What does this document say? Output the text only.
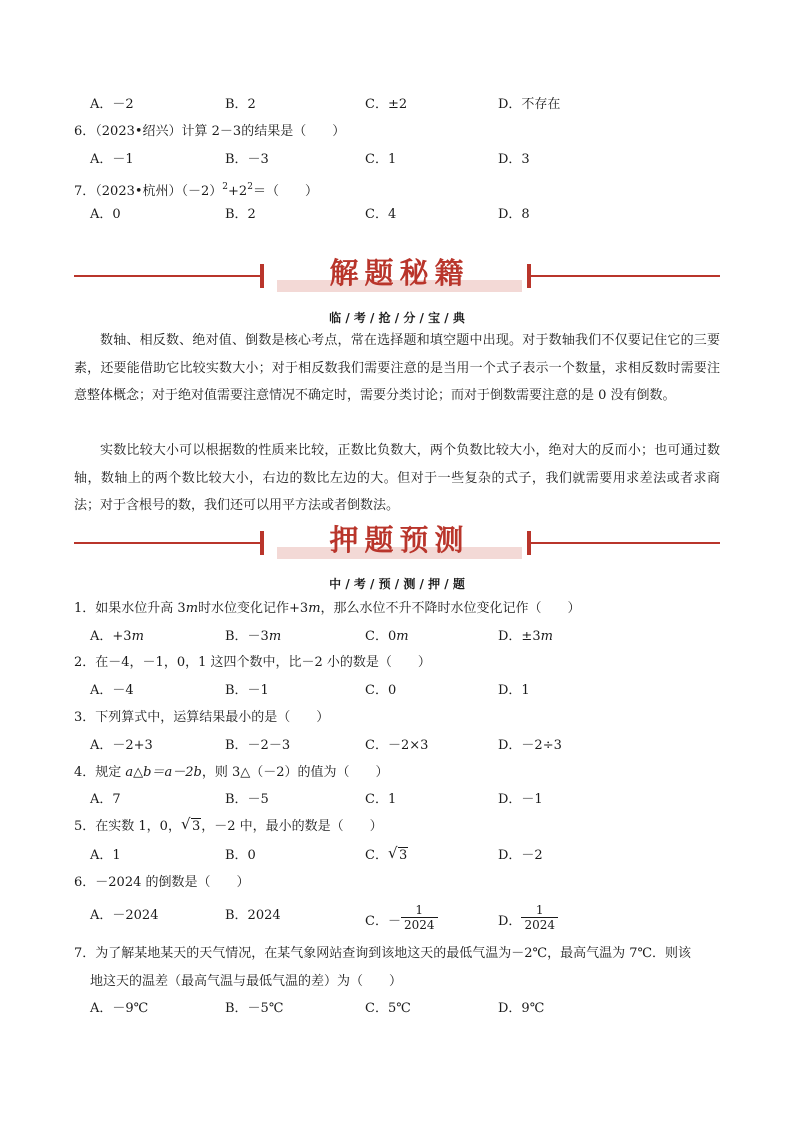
A．－2	B．2	C．±2	D．不存在
6．（2023•绍兴）计算 2－3的结果是（　　）
A．－1	B．－3	C．1	D．3
7．（2023•杭州）$(-2)^2+2^2=$（　　）
A．0	B．2	C．4	D．8
解题秘籍
临 / 考 / 抢 / 分 / 宝 / 典
数轴、相反数、绝对值、倒数是核心考点，常在选择题和填空题中出现。对于数轴我们不仅要记住它的三要素，还要能借助它比较实数大小；对于相反数我们需要注意的是当用一个式子表示一个数量，求相反数时需要注意整体概念；对于绝对值需要注意情况不确定时，需要分类讨论；而对于倒数需要注意的是 0 没有倒数。
实数比较大小可以根据数的性质来比较，正数比负数大，两个负数比较大小，绝对大的反而小；也可通过数轴，数轴上的两个数比较大小，右边的数比左边的大。但对于一些复杂的式子，我们就需要用求差法或者求商法；对于含根号的数，我们还可以用平方法或者倒数法。
押题预测
中 / 考 / 预 / 测 / 押 / 题
1．如果水位升高 3m时水位变化记作+3m，那么水位不升不降时水位变化记作（　　）
A．+3m	B．－3m	C．0m	D．±3m
2．在－4，－1，0，1 这四个数中，比－2 小的数是（　　）
A．－4	B．－1	C．0	D．1
3．下列算式中，运算结果最小的是（　　）
A．－2+3	B．－2－3	C．－2×3	D．－2÷3
4．规定 a△b＝a－2b，则 3△（－2）的值为（　　）
A．7	B．－5	C．1	D．－1
5．在实数 1，0， √ 3，－2 中，最小的数是（　　）
A．1	B．0	C． √ 3	D．－2
6．－2024 的倒数是（　　）
A．－2024	B．2024	C．－ $\frac{1}{2024}$	D． $\frac{1}{2024}$
7．为了解某地某天的天气情况，在某气象网站查询到该地这天的最低气温为－2℃，最高气温为 7℃．则该
地这天的温差（最高气温与最低气温的差）为（　　）
A．－9℃	B．－5℃	C．5℃	D．9℃
